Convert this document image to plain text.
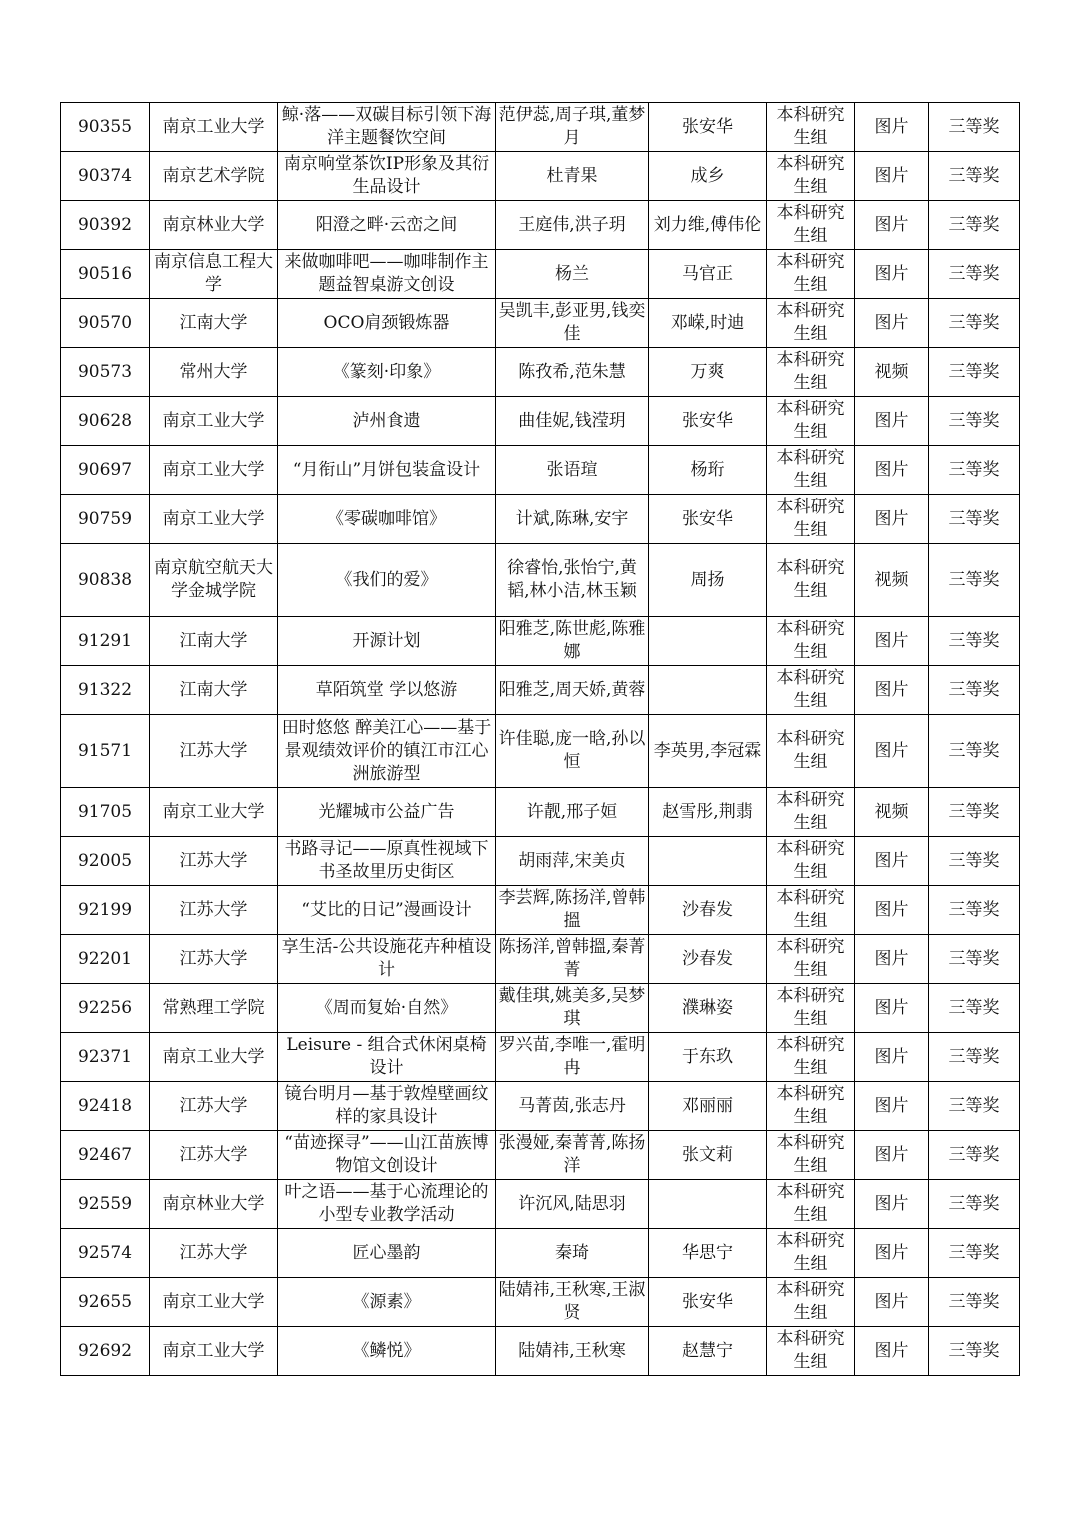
90355	南京工业大学	鲸·落——双碳目标引领下海洋主题餐饮空间	范伊蕊,周子琪,董梦月	张安华	本科研究生组	图片	三等奖
90374	南京艺术学院	南京响堂茶饮IP形象及其衍生品设计	杜青果	成乡	本科研究生组	图片	三等奖
90392	南京林业大学	阳澄之畔·云峦之间	王庭伟,洪子玥	刘力维,傅伟伦	本科研究生组	图片	三等奖
90516	南京信息工程大学	来做咖啡吧——咖啡制作主题益智桌游文创设	杨兰	马官正	本科研究生组	图片	三等奖
90570	江南大学	OCO肩颈锻炼器	吴凯丰,彭亚男,钱奕佳	邓嵘,时迪	本科研究生组	图片	三等奖
90573	常州大学	《篆刻·印象》	陈孜希,范朱慧	万爽	本科研究生组	视频	三等奖
90628	南京工业大学	泸州食遗	曲佳妮,钱滢玥	张安华	本科研究生组	图片	三等奖
90697	南京工业大学	“月衔山”月饼包装盒设计	张语瑄	杨珩	本科研究生组	图片	三等奖
90759	南京工业大学	《零碳咖啡馆》	计斌,陈琳,安宇	张安华	本科研究生组	图片	三等奖
90838	南京航空航天大学金城学院	《我们的爱》	徐睿怡,张怡宁,黄韬,林小洁,林玉颖	周扬	本科研究生组	视频	三等奖
91291	江南大学	开源计划	阳雅芝,陈世彪,陈雅娜		本科研究生组	图片	三等奖
91322	江南大学	草陌筑堂 学以悠游	阳雅芝,周天娇,黄蓉		本科研究生组	图片	三等奖
91571	江苏大学	田时悠悠 醉美江心——基于景观绩效评价的镇江市江心洲旅游型	许佳聪,庞一晗,孙以恒	李英男,李冠霖	本科研究生组	图片	三等奖
91705	南京工业大学	光耀城市公益广告	许靓,邢子姮	赵雪彤,荆翡	本科研究生组	视频	三等奖
92005	江苏大学	书路寻记——原真性视域下书圣故里历史街区	胡雨萍,宋美贞		本科研究生组	图片	三等奖
92199	江苏大学	“艾比的日记”漫画设计	李芸辉,陈扬洋,曾韩搵	沙春发	本科研究生组	图片	三等奖
92201	江苏大学	享生活-公共设施花卉种植设计	陈扬洋,曾韩搵,秦菁菁	沙春发	本科研究生组	图片	三等奖
92256	常熟理工学院	《周而复始·自然》	戴佳琪,姚美多,吴梦琪	濮琳姿	本科研究生组	图片	三等奖
92371	南京工业大学	Leisure - 组合式休闲桌椅设计	罗兴苗,李唯一,霍明冉	于东玖	本科研究生组	图片	三等奖
92418	江苏大学	镜台明月—基于敦煌壁画纹样的家具设计	马菁茵,张志丹	邓丽丽	本科研究生组	图片	三等奖
92467	江苏大学	“苗迹探寻”——山江苗族博物馆文创设计	张漫娅,秦菁菁,陈扬洋	张文莉	本科研究生组	图片	三等奖
92559	南京林业大学	叶之语——基于心流理论的小型专业教学活动	许沉风,陆思羽		本科研究生组	图片	三等奖
92574	江苏大学	匠心墨韵	秦琦	华思宁	本科研究生组	图片	三等奖
92655	南京工业大学	《源素》	陆婧祎,王秋寒,王淑贤	张安华	本科研究生组	图片	三等奖
92692	南京工业大学	《鳞悦》	陆婧祎,王秋寒	赵慧宁	本科研究生组	图片	三等奖
